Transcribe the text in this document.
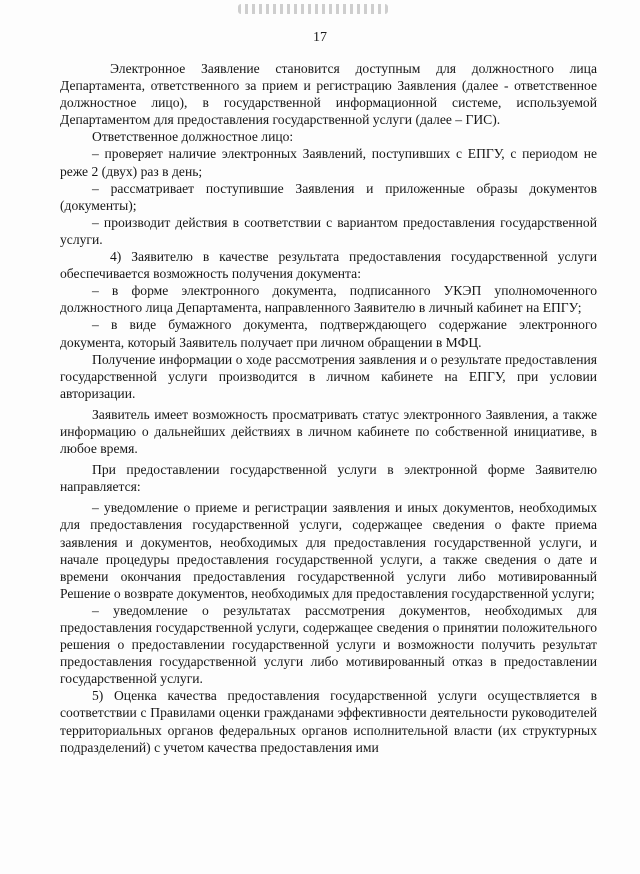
17

Электронное Заявление становится доступным для должностного лица Департамента, ответственного за прием и регистрацию Заявления (далее - ответственное должностное лицо), в государственной информационной системе, используемой Департаментом для предоставления государственной услуги (далее – ГИС).

Ответственное должностное лицо:

– проверяет наличие электронных Заявлений, поступивших с ЕПГУ, с периодом не реже 2 (двух) раз в день;

– рассматривает поступившие Заявления и приложенные образы документов (документы);

– производит действия в соответствии с вариантом предоставления государственной услуги.

4) Заявителю в качестве результата предоставления государственной услуги обеспечивается возможность получения документа:

– в форме электронного документа, подписанного УКЭП уполномоченного должностного лица Департамента, направленного Заявителю в личный кабинет на ЕПГУ;

– в виде бумажного документа, подтверждающего содержание электронного документа, который Заявитель получает при личном обращении в МФЦ.

Получение информации о ходе рассмотрения заявления и о результате предоставления государственной услуги производится в личном кабинете на ЕПГУ, при условии авторизации.

Заявитель имеет возможность просматривать статус электронного Заявления, а также информацию о дальнейших действиях в личном кабинете по собственной инициативе, в любое время.

При предоставлении государственной услуги в электронной форме Заявителю направляется:

– уведомление о приеме и регистрации заявления и иных документов, необходимых для предоставления государственной услуги, содержащее сведения о факте приема заявления и документов, необходимых для предоставления государственной услуги, и начале процедуры предоставления государственной услуги, а также сведения о дате и времени окончания предоставления государственной услуги либо мотивированный Решение о возврате документов, необходимых для предоставления государственной услуги;

– уведомление о результатах рассмотрения документов, необходимых для предоставления государственной услуги, содержащее сведения о принятии положительного решения о предоставлении государственной услуги и возможности получить результат предоставления государственной услуги либо мотивированный отказ в предоставлении государственной услуги.

5) Оценка качества предоставления государственной услуги осуществляется в соответствии с Правилами оценки гражданами эффективности деятельности руководителей территориальных органов федеральных органов исполнительной власти (их структурных подразделений) с учетом качества предоставления ими
